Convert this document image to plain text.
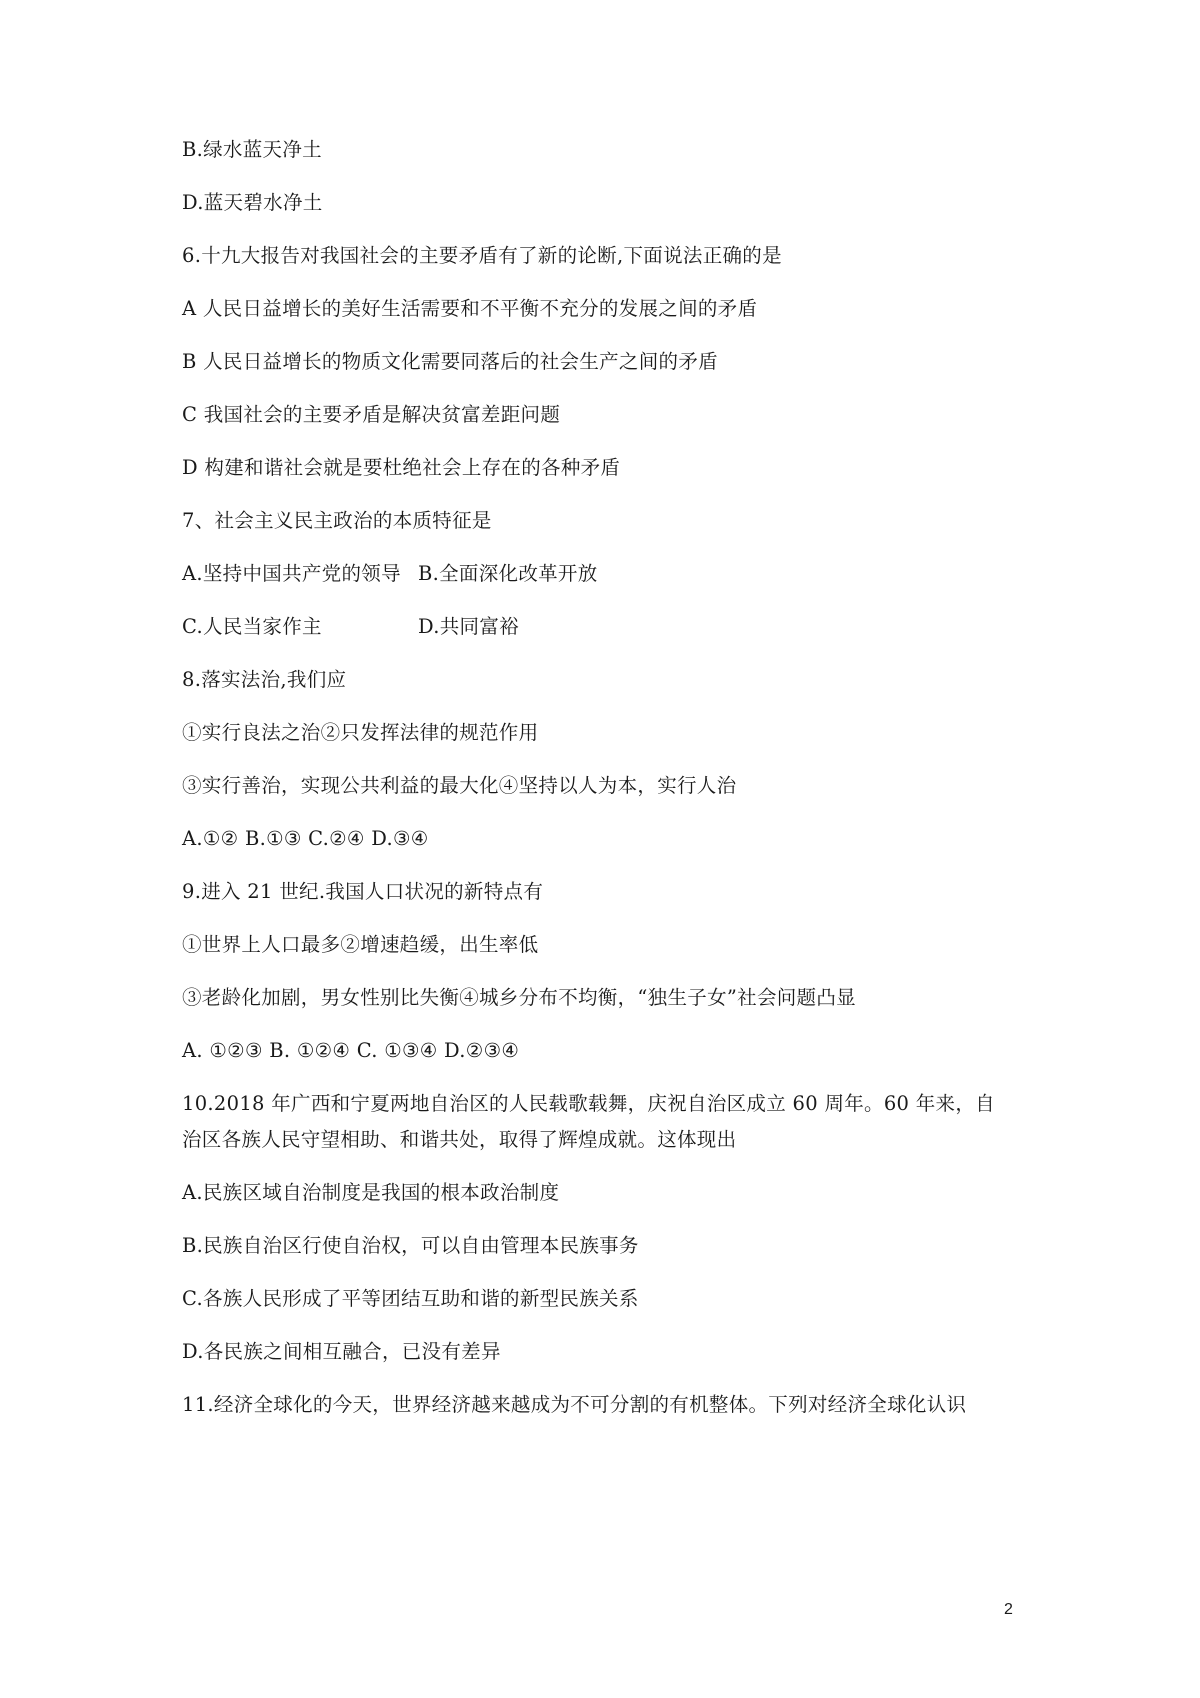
B.绿水蓝天净土
D.蓝天碧水净土
6.十九大报告对我国社会的主要矛盾有了新的论断,下面说法正确的是
A 人民日益增长的美好生活需要和不平衡不充分的发展之间的矛盾
B 人民日益增长的物质文化需要同落后的社会生产之间的矛盾
C 我国社会的主要矛盾是解决贫富差距问题
D 构建和谐社会就是要杜绝社会上存在的各种矛盾
7、社会主义民主政治的本质特征是
A.坚持中国共产党的领导 B.全面深化改革开放
C.人民当家作主	D.共同富裕
8.落实法治,我们应
①实行良法之治②只发挥法律的规范作用
③实行善治，实现公共利益的最大化④坚持以人为本，实行人治
A.①② B.①③ C.②④ D.③④
9.进入 21 世纪.我国人口状况的新特点有
①世界上人口最多②增速趋缓，出生率低
③老龄化加剧，男女性别比失衡④城乡分布不均衡，“独生子女”社会问题凸显
A. ①②③ B. ①②④ C. ①③④ D.②③④
10.2018 年广西和宁夏两地自治区的人民载歌载舞，庆祝自治区成立 60 周年。60 年来，自
治区各族人民守望相助、和谐共处，取得了辉煌成就。这体现出
A.民族区域自治制度是我国的根本政治制度
B.民族自治区行使自治权，可以自由管理本民族事务
C.各族人民形成了平等团结互助和谐的新型民族关系
D.各民族之间相互融合，已没有差异
11.经济全球化的今天，世界经济越来越成为不可分割的有机整体。下列对经济全球化认识
2
